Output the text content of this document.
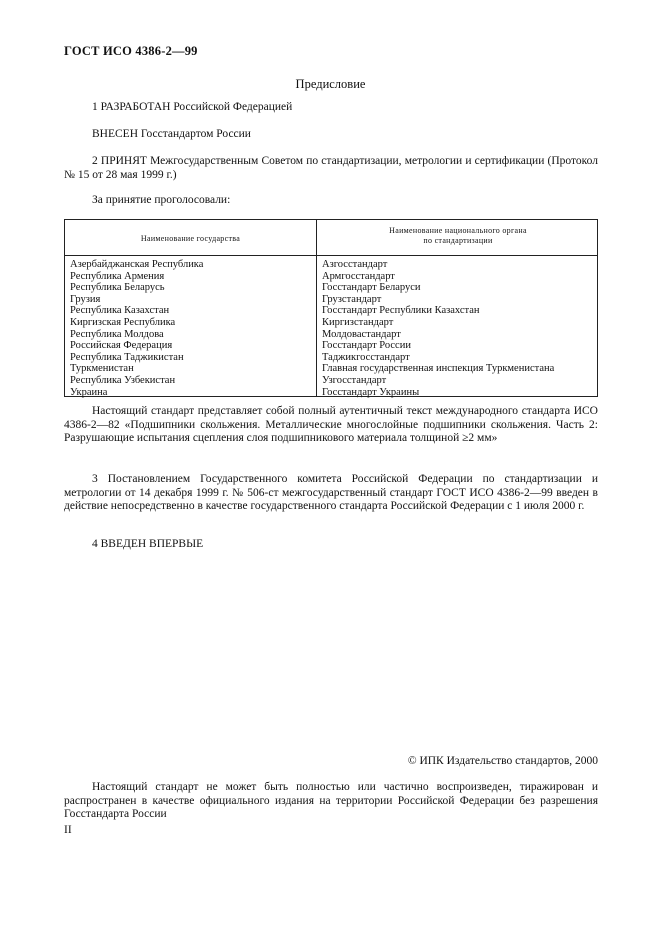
ГОСТ ИСО 4386-2—99
Предисловие
1 РАЗРАБОТАН Российской Федерацией
ВНЕСЕН Госстандартом России
2 ПРИНЯТ Межгосударственным Советом по стандартизации, метрологии и сертификации (Протокол № 15 от 28 мая 1999 г.)
За принятие проголосовали:
Наименование государства
Наименование национального органа
по стандартизации
Азербайджанская Республика
Республика Армения
Республика Беларусь
Грузия
Республика Казахстан
Киргизская Республика
Республика Молдова
Российская Федерация
Республика Таджикистан
Туркменистан
Республика Узбекистан
Украина
Азгосстандарт
Армгосстандарт
Госстандарт Беларуси
Грузстандарт
Госстандарт Республики Казахстан
Киргизстандарт
Молдовастандарт
Госстандарт России
Таджикгосстандарт
Главная государственная инспекция Туркменистана
Узгосстандарт
Госстандарт Украины
Настоящий стандарт представляет собой полный аутентичный текст международного стандарта ИСО 4386-2—82 «Подшипники скольжения. Металлические многослойные подшипники скольжения. Часть 2: Разрушающие испытания сцепления слоя подшипникового материала толщиной ≥2 мм»
3 Постановлением Государственного комитета Российской Федерации по стандартизации и метрологии от 14 декабря 1999 г. № 506-ст межгосударственный стандарт ГОСТ ИСО 4386-2—99 введен в действие непосредственно в качестве государственного стандарта Российской Федерации с 1 июля 2000 г.
4 ВВЕДЕН ВПЕРВЫЕ
© ИПК Издательство стандартов, 2000
Настоящий стандарт не может быть полностью или частично воспроизведен, тиражирован и распространен в качестве официального издания на территории Российской Федерации без разрешения Госстандарта России
II
